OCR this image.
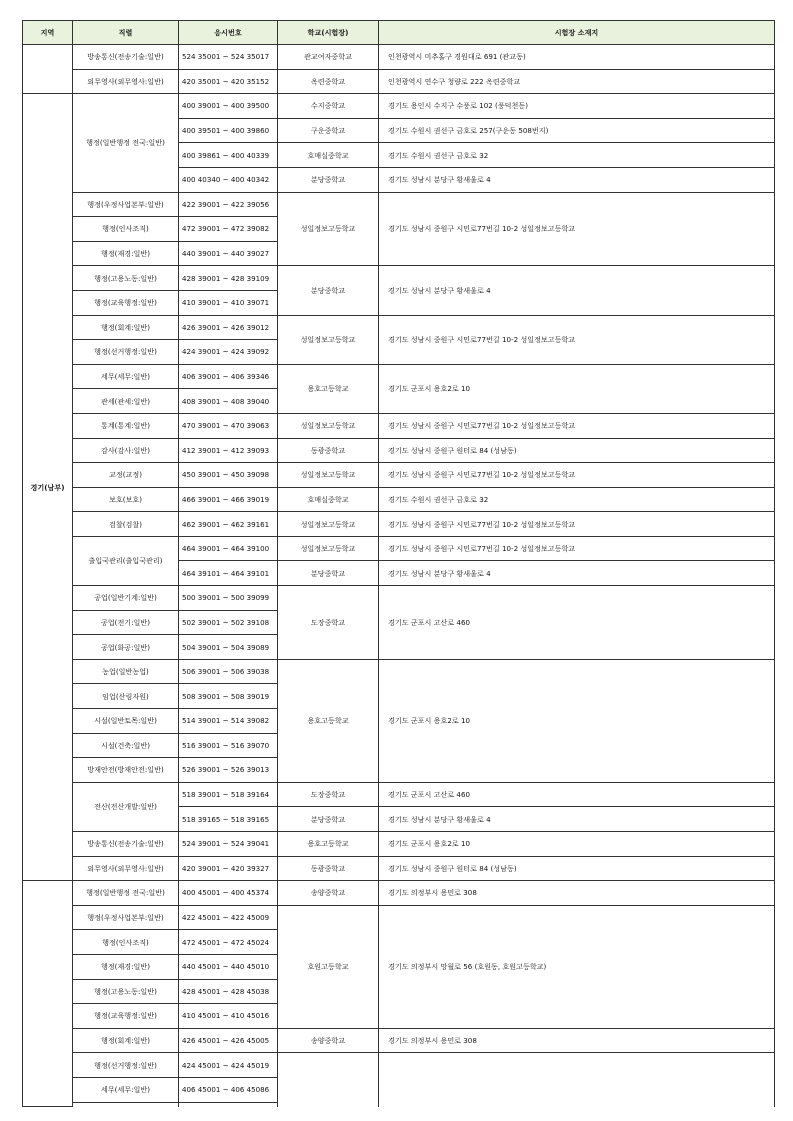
지역	직렬	응시번호	학교(시험장)	시험장 소재지
	방송통신(전송기술:일반)	524 35001 ~ 524 35017	관교여자중학교	인천광역시 미추홀구 경원대로 691 (관교동)
	외무영사(외무영사:일반)	420 35001 ~ 420 35152	옥련중학교	인천광역시 연수구 청량로 222 옥련중학교
경기(남부)	행정(일반행정 전국:일반)	400 39001 ~ 400 39500	수지중학교	경기도 용인시 수지구 수풍로 102 (풍덕천동)
		400 39501 ~ 400 39860	구운중학교	경기도 수원시 권선구 금호로 257(구운동 508번지)
		400 39861 ~ 400 40339	호매실중학교	경기도 수원시 권선구 금호로 32
		400 40340 ~ 400 40342	분당중학교	경기도 성남시 분당구 황새울로 4
	행정(우정사업본부:일반)	422 39001 ~ 422 39056	성일정보고등학교	경기도 성남시 중원구 시민로77번길 10-2 성일정보고등학교
	행정(인사조직)	472 39001 ~ 472 39082		
	행정(재경:일반)	440 39001 ~ 440 39027		
	행정(고용노동:일반)	428 39001 ~ 428 39109	분당중학교	경기도 성남시 분당구 황새울로 4
	행정(교육행정:일반)	410 39001 ~ 410 39071		
	행정(회계:일반)	426 39001 ~ 426 39012	성일정보고등학교	경기도 성남시 중원구 시민로77번길 10-2 성일정보고등학교
	행정(선거행정:일반)	424 39001 ~ 424 39092		
	세무(세무:일반)	406 39001 ~ 406 39346	용호고등학교	경기도 군포시 용호2로 10
	관세(관세:일반)	408 39001 ~ 408 39040		
	통계(통계:일반)	470 39001 ~ 470 39063	성일정보고등학교	경기도 성남시 중원구 시민로77번길 10-2 성일정보고등학교
	감사(감사:일반)	412 39001 ~ 412 39093	동광중학교	경기도 성남시 중원구 원터로 84 (성남동)
	교정(교정)	450 39001 ~ 450 39098	성일정보고등학교	경기도 성남시 중원구 시민로77번길 10-2 성일정보고등학교
	보호(보호)	466 39001 ~ 466 39019	호매실중학교	경기도 수원시 권선구 금호로 32
	검찰(검찰)	462 39001 ~ 462 39161	성일정보고등학교	경기도 성남시 중원구 시민로77번길 10-2 성일정보고등학교
	출입국관리(출입국관리)	464 39001 ~ 464 39100	성일정보고등학교	경기도 성남시 중원구 시민로77번길 10-2 성일정보고등학교
		464 39101 ~ 464 39101	분당중학교	경기도 성남시 분당구 황새울로 4
	공업(일반기계:일반)	500 39001 ~ 500 39099	도장중학교	경기도 군포시 고산로 460
	공업(전기:일반)	502 39001 ~ 502 39108		
	공업(화공:일반)	504 39001 ~ 504 39089		
	농업(일반농업)	506 39001 ~ 506 39038	용호고등학교	경기도 군포시 용호2로 10
	임업(산림자원)	508 39001 ~ 508 39019		
	시설(일반토목:일반)	514 39001 ~ 514 39082		
	시설(건축:일반)	516 39001 ~ 516 39070		
	방재안전(방재안전:일반)	526 39001 ~ 526 39013		
	전산(전산개발:일반)	518 39001 ~ 518 39164	도장중학교	경기도 군포시 고산로 460
		518 39165 ~ 518 39165	분당중학교	경기도 성남시 분당구 황새울로 4
	방송통신(전송기술:일반)	524 39001 ~ 524 39041	용호고등학교	경기도 군포시 용호2로 10
	외무영사(외무영사:일반)	420 39001 ~ 420 39327	동광중학교	경기도 성남시 중원구 원터로 84 (성남동)
	행정(일반행정 전국:일반)	400 45001 ~ 400 45374	송양중학교	경기도 의정부시 용민로 308
	행정(우정사업본부:일반)	422 45001 ~ 422 45009	호원고등학교	경기도 의정부시 망월로 56 (호원동, 호원고등학교)
	행정(인사조직)	472 45001 ~ 472 45024		
	행정(재경:일반)	440 45001 ~ 440 45010		
	행정(고용노동:일반)	428 45001 ~ 428 45038		
	행정(교육행정:일반)	410 45001 ~ 410 45016		
	행정(회계:일반)	426 45001 ~ 426 45005	송양중학교	경기도 의정부시 용민로 308
	행정(선거행정:일반)	424 45001 ~ 424 45019		
	세무(세무:일반)	406 45001 ~ 406 45086		
